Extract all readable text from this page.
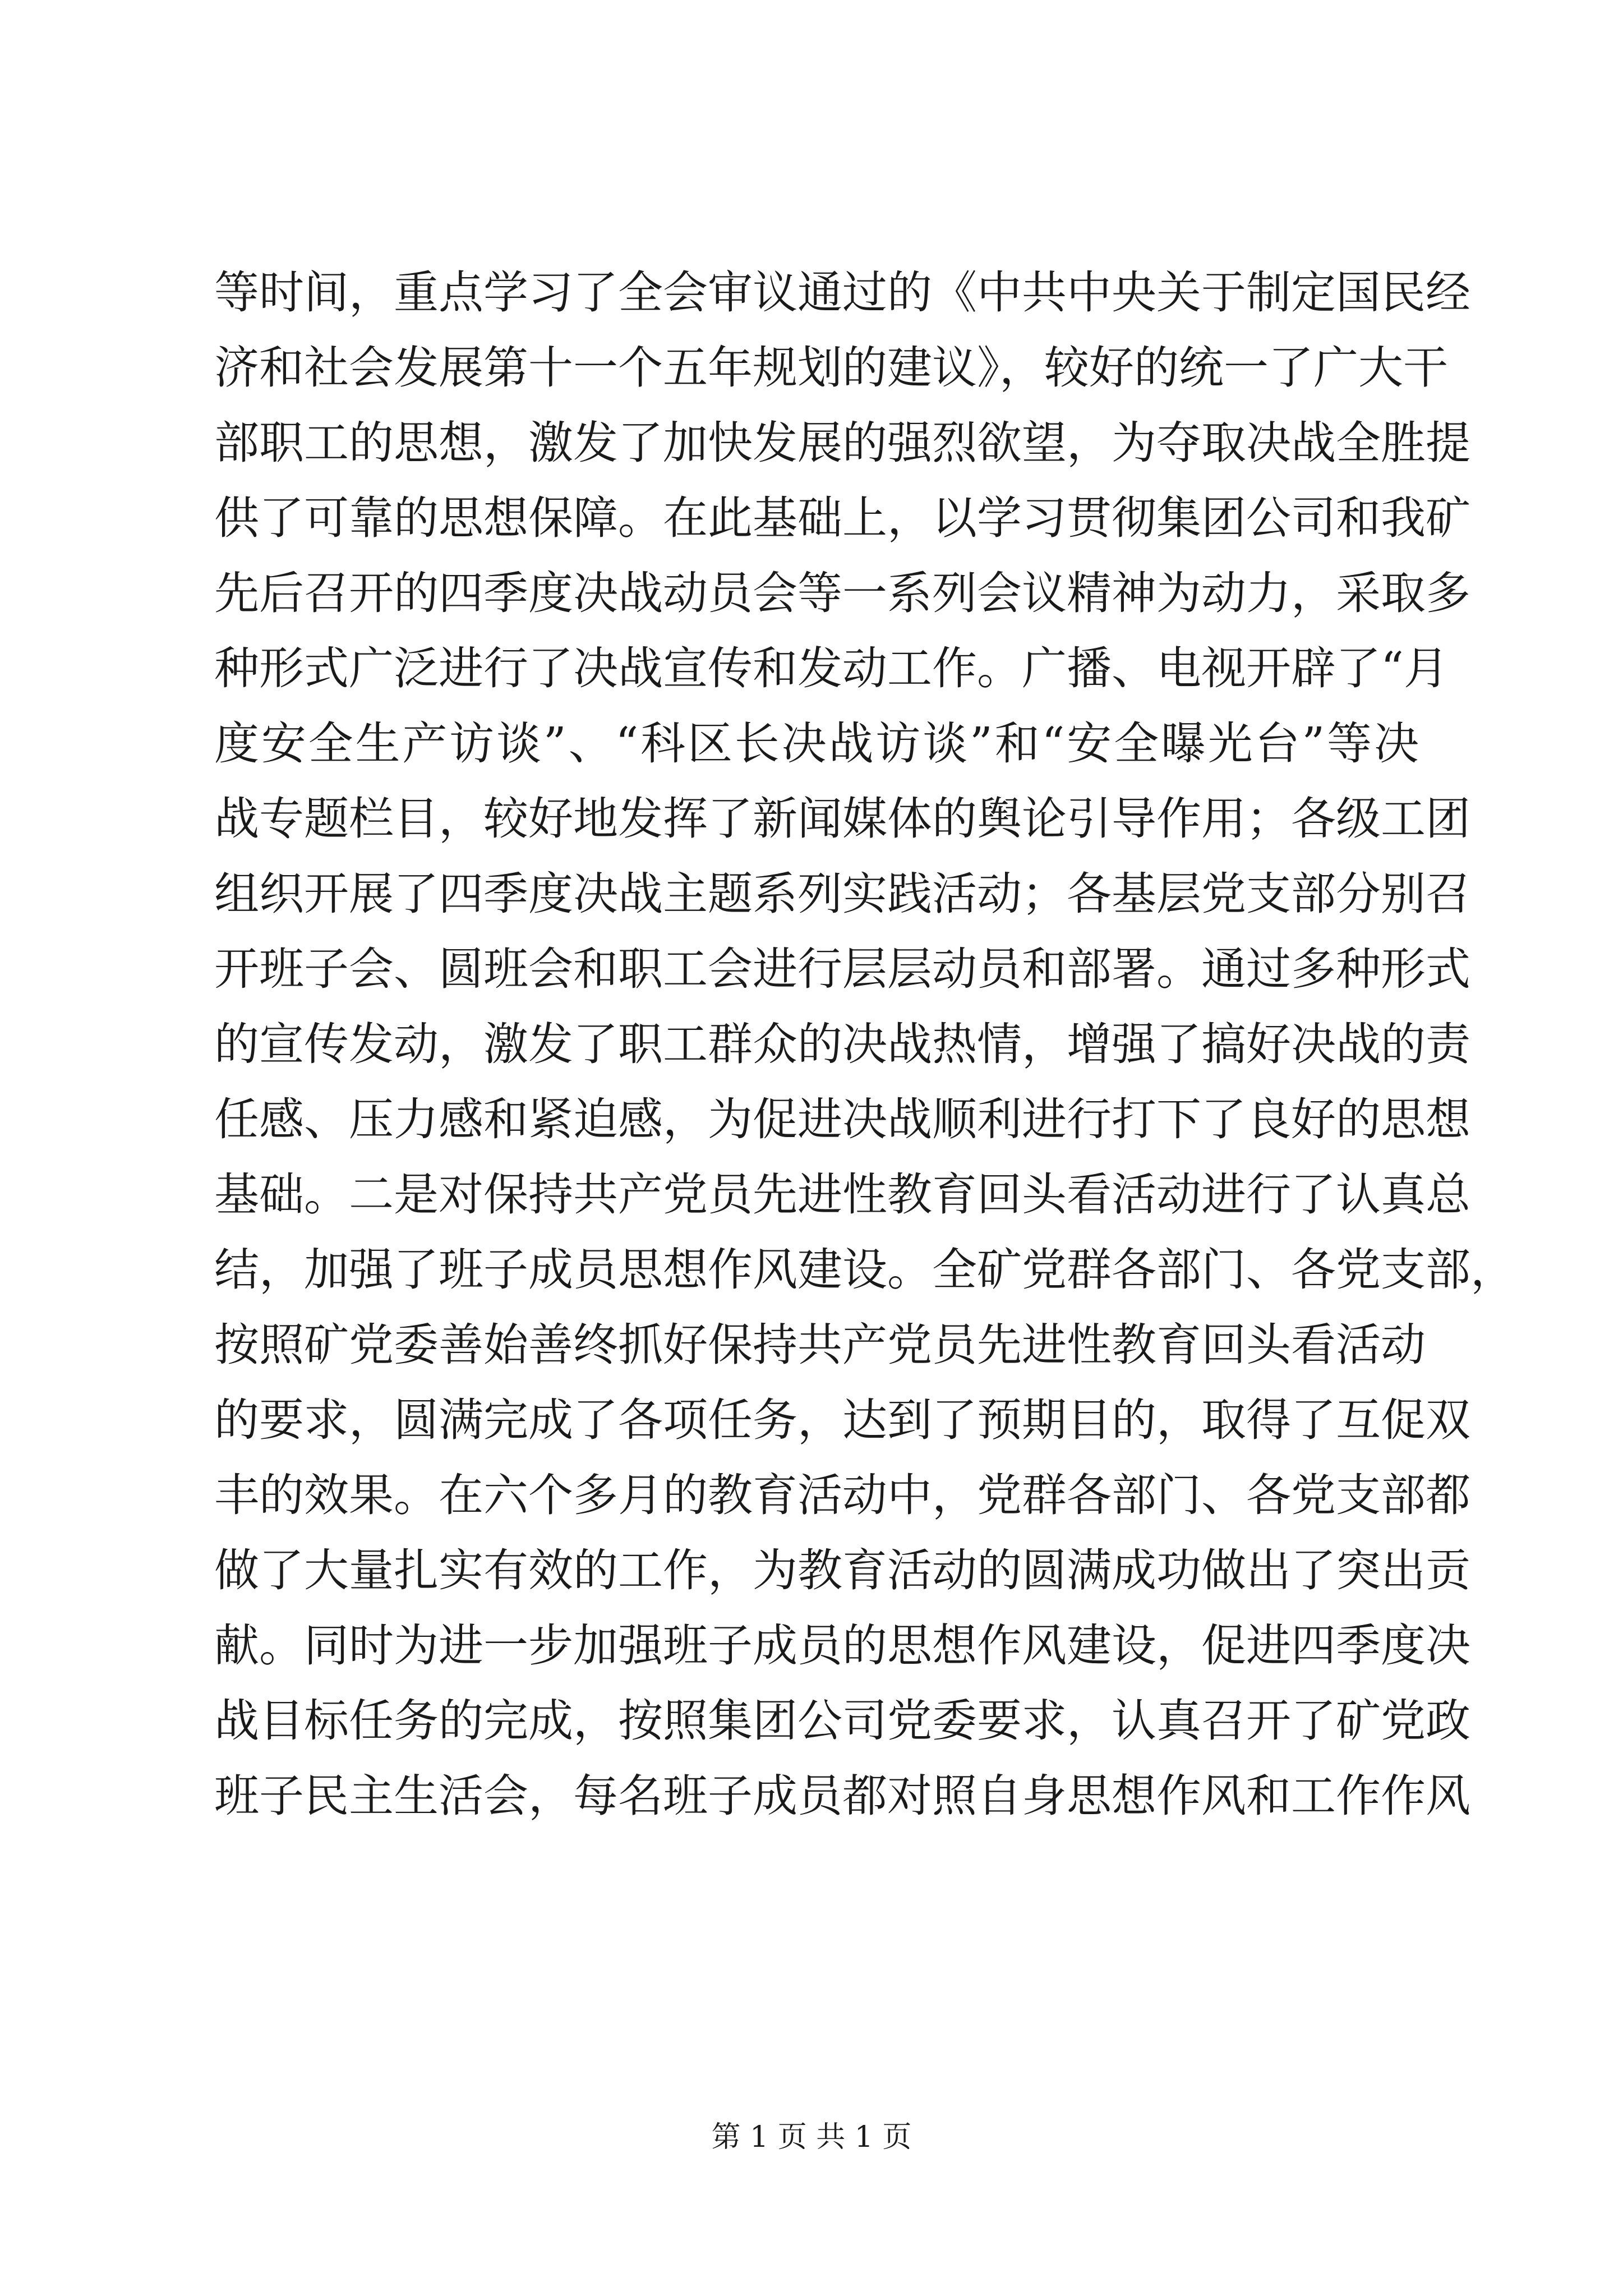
等时间，重点学习了全会审议通过的《中共中央关于制定国民经
济和社会发展第十一个五年规划的建议》，较好的统一了广大干
部职工的思想，激发了加快发展的强烈欲望，为夺取决战全胜提
供了可靠的思想保障。在此基础上，以学习贯彻集团公司和我矿
先后召开的四季度决战动员会等一系列会议精神为动力，采取多
种形式广泛进行了决战宣传和发动工作。广播、电视开辟了“月
度安全生产访谈”、“科区长决战访谈”和“安全曝光台”等决
战专题栏目，较好地发挥了新闻媒体的舆论引导作用；各级工团
组织开展了四季度决战主题系列实践活动；各基层党支部分别召
开班子会、圆班会和职工会进行层层动员和部署。通过多种形式
的宣传发动，激发了职工群众的决战热情，增强了搞好决战的责
任感、压力感和紧迫感，为促进决战顺利进行打下了良好的思想
基础。二是对保持共产党员先进性教育回头看活动进行了认真总
结，加强了班子成员思想作风建设。全矿党群各部门、各党支部，
按照矿党委善始善终抓好保持共产党员先进性教育回头看活动
的要求，圆满完成了各项任务，达到了预期目的，取得了互促双
丰的效果。在六个多月的教育活动中，党群各部门、各党支部都
做了大量扎实有效的工作，为教育活动的圆满成功做出了突出贡
献。同时为进一步加强班子成员的思想作风建设，促进四季度决
战目标任务的完成，按照集团公司党委要求，认真召开了矿党政
班子民主生活会，每名班子成员都对照自身思想作风和工作作风
第 1 页 共 1 页
